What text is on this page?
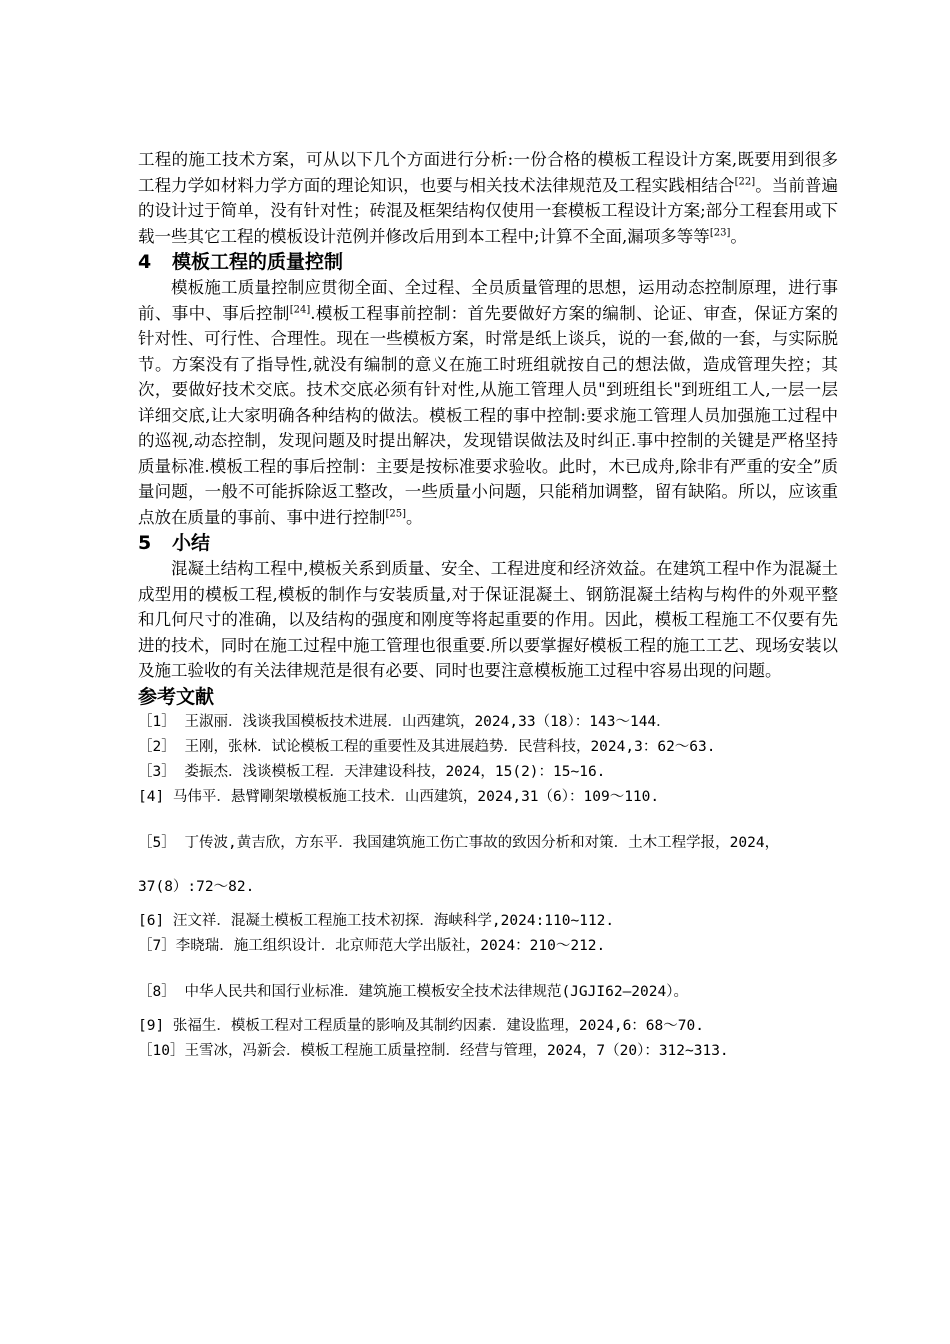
工程的施工技术方案，可从以下几个方面进行分析:一份合格的模板工程设计方案,既要用到很多工程力学如材料力学方面的理论知识，也要与相关技术法律规范及工程实践相结合[22]。当前普遍的设计过于简单，没有针对性；砖混及框架结构仅使用一套模板工程设计方案;部分工程套用或下载一些其它工程的模板设计范例并修改后用到本工程中;计算不全面,漏项多等等[23]。

4 模板工程的质量控制

模板施工质量控制应贯彻全面、全过程、全员质量管理的思想，运用动态控制原理，进行事前、事中、事后控制[24].模板工程事前控制：首先要做好方案的编制、论证、审查，保证方案的针对性、可行性、合理性。现在一些模板方案，时常是纸上谈兵，说的一套,做的一套，与实际脱节。方案没有了指导性,就没有编制的意义在施工时班组就按自己的想法做，造成管理失控；其次，要做好技术交底。技术交底必须有针对性,从施工管理人员"到班组长"到班组工人,一层一层详细交底,让大家明确各种结构的做法。模板工程的事中控制:要求施工管理人员加强施工过程中的巡视,动态控制，发现问题及时提出解决，发现错误做法及时纠正.事中控制的关键是严格坚持质量标准.模板工程的事后控制：主要是按标准要求验收。此时，木已成舟,除非有严重的安全”质量问题，一般不可能拆除返工整改，一些质量小问题，只能稍加调整，留有缺陷。所以，应该重点放在质量的事前、事中进行控制[25]。

5 小结

混凝土结构工程中,模板关系到质量、安全、工程进度和经济效益。在建筑工程中作为混凝土成型用的模板工程,模板的制作与安装质量,对于保证混凝土、钢筋混凝土结构与构件的外观平整和几何尺寸的准确，以及结构的强度和刚度等将起重要的作用。因此，模板工程施工不仅要有先进的技术，同时在施工过程中施工管理也很重要.所以要掌握好模板工程的施工工艺、现场安装以及施工验收的有关法律规范是很有必要、同时也要注意模板施工过程中容易出现的问题。

参考文献

［1］ 王淑丽．浅谈我国模板技术进展．山西建筑，2024,33（18）：143～144．

［2］ 王刚，张林．试论模板工程的重要性及其进展趋势．民营科技，2024,3：62～63.

［3］ 娄振杰．浅谈模板工程．天津建设科技，2024，15(2)：15~16.

[4] 马伟平．悬臂剛架墩模板施工技术．山西建筑，2024,31（6）：109～110.

［5］ 丁传波,黄吉欣，方东平．我国建筑施工伤亡事故的致因分析和对策．土木工程学报，2024，37(8）:72～82.

[6] 汪文祥．混凝土模板工程施工技术初探．海峡科学,2024:110~112.

［7］李晓瑞．施工组织设计．北京师范大学出版社，2024：210～212.

［8］ 中华人民共和国行业标准．建筑施工模板安全技术法律规范(JGJI62—2024）。

[9] 张福生．模板工程对工程质量的影响及其制约因素．建设监理，2024,6：68～70.

［10］王雪冰，冯新会．模板工程施工质量控制．经营与管理，2024，7（20）：312~313.
